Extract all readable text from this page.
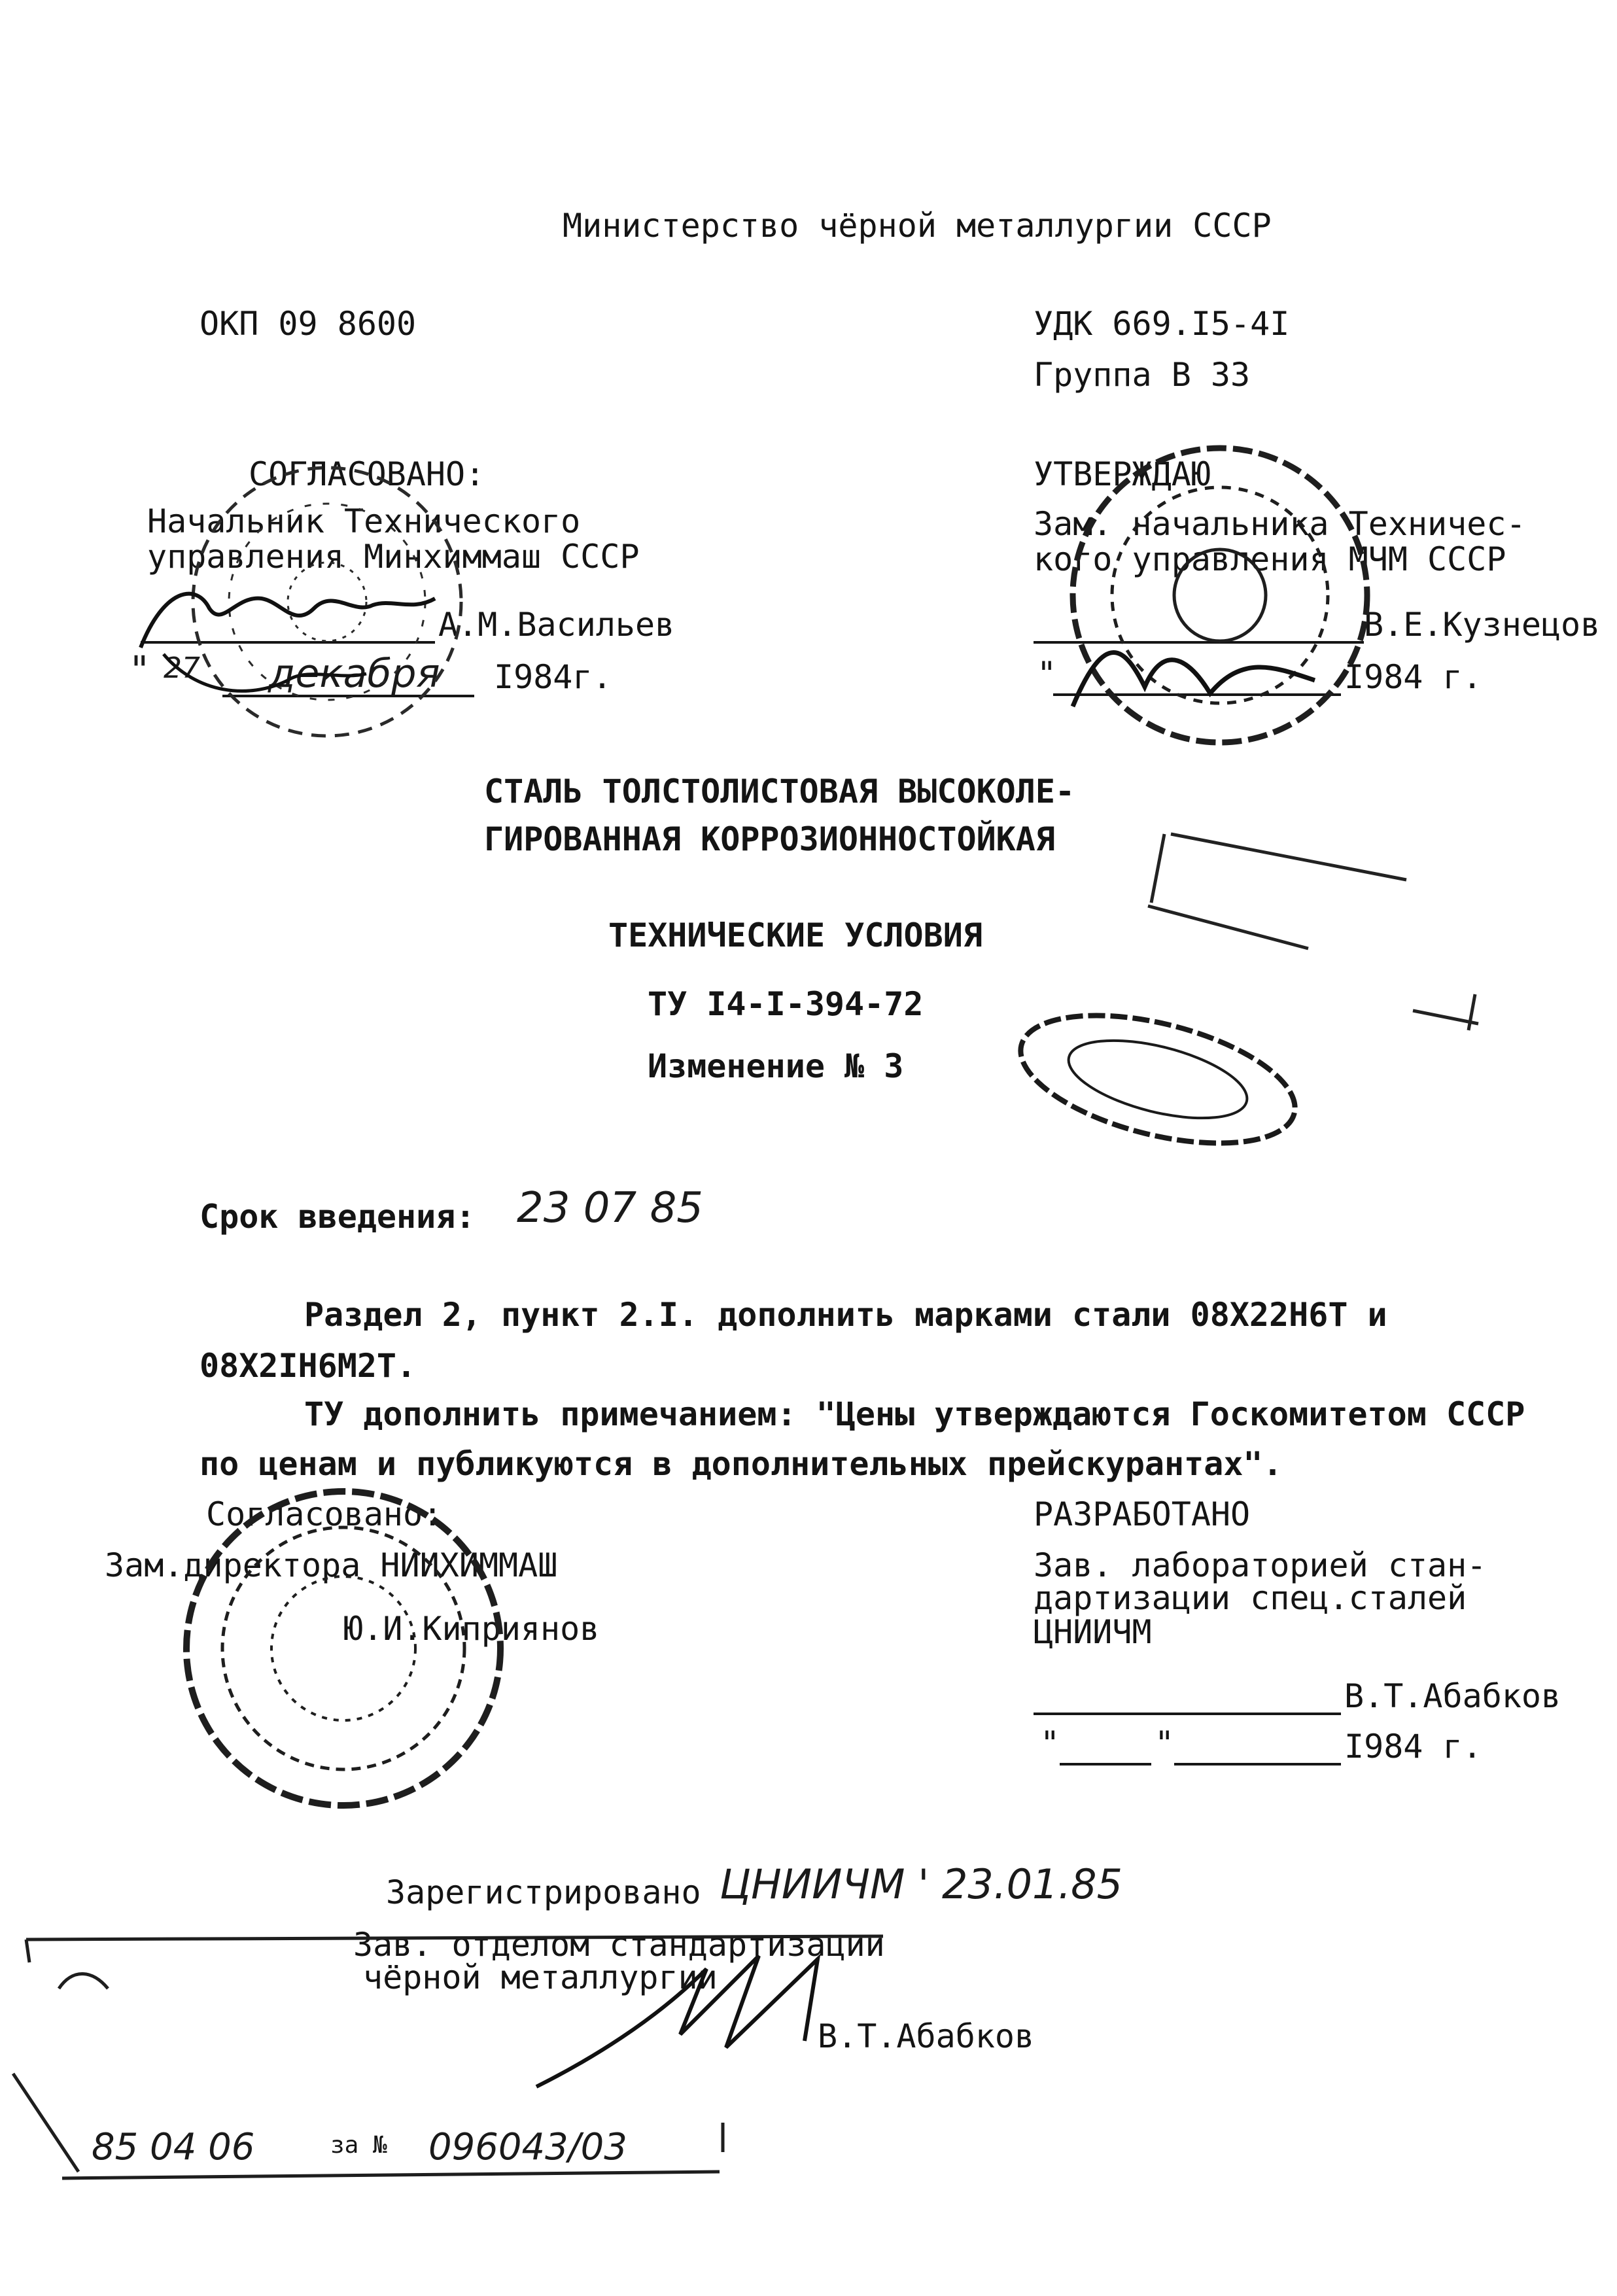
Министерство чёрной металлургии СССР
ОКП 09 8600	УДК 669.I5-4I
Группа В 33
СОГЛАСОВАНО:
Начальник Технического
управления Минхиммаш СССР
А.М.Васильев
" 27 декабря I984г.
УТВЕРЖДАЮ
Зам. начальника Техничес-
кого управления МЧМ СССР
В.Е.Кузнецов
"	I984 г.
СТАЛЬ ТОЛСТОЛИСТОВАЯ ВЫСОКОЛЕ-
ГИРОВАННАЯ КОРРОЗИОННОСТОЙКАЯ
ТЕХНИЧЕСКИЕ УСЛОВИЯ
ТУ I4-I-394-72
Изменение № 3
Срок введения: 23 07 85
Раздел 2, пункт 2.I. дополнить марками стали 08Х22Н6Т и
08Х2IН6М2Т.
ТУ дополнить примечанием: "Цены утверждаются Госкомитетом СССР
по ценам и публикуются в дополнительных прейскурантах".
Согласовано:
Зам.директора НИИХИММАШ
Ю.И.Киприянов
РАЗРАБОТАНО
Зав. лабораторией стан-
дартизации спец.сталей
ЦНИИЧМ
В.Т.Абабков
"	"	I984 г.
Зарегистрировано ЦНИИЧМ ' 23.01.85
Зав. отделом стандартизации
чёрной металлургии
В.Т.Абабков
85 04 06	за № 096043/03
